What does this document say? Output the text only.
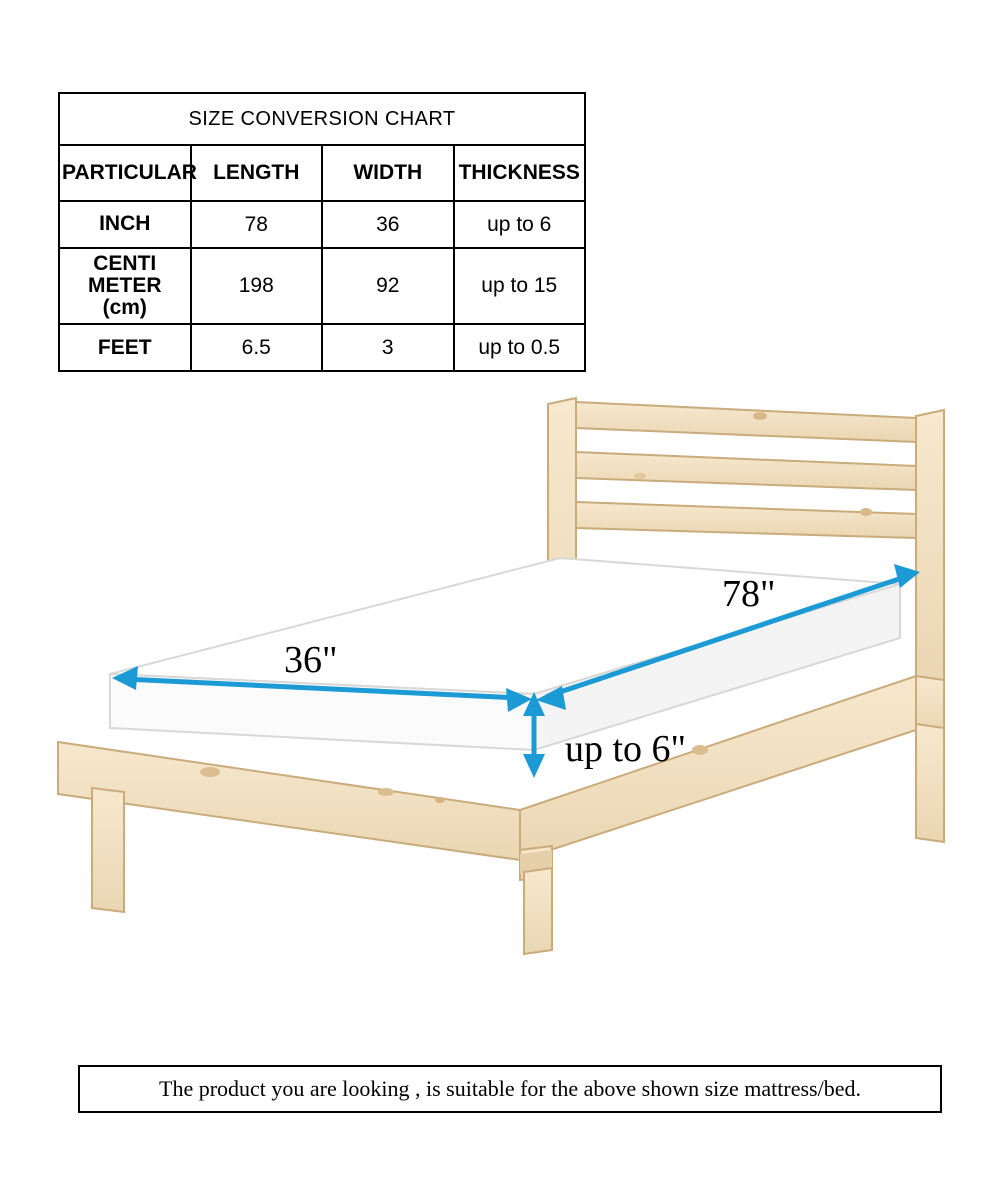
SIZE CONVERSION CHART			
PARTICULAR	LENGTH	WIDTH	THICKNESS
INCH	78	36	up to 6
CENTI METER
(cm)	198	92	up to 15
FEET	6.5	3	up to 0.5
36"
78"
up to 6"
The product you are looking , is suitable for the above shown size mattress/bed.
